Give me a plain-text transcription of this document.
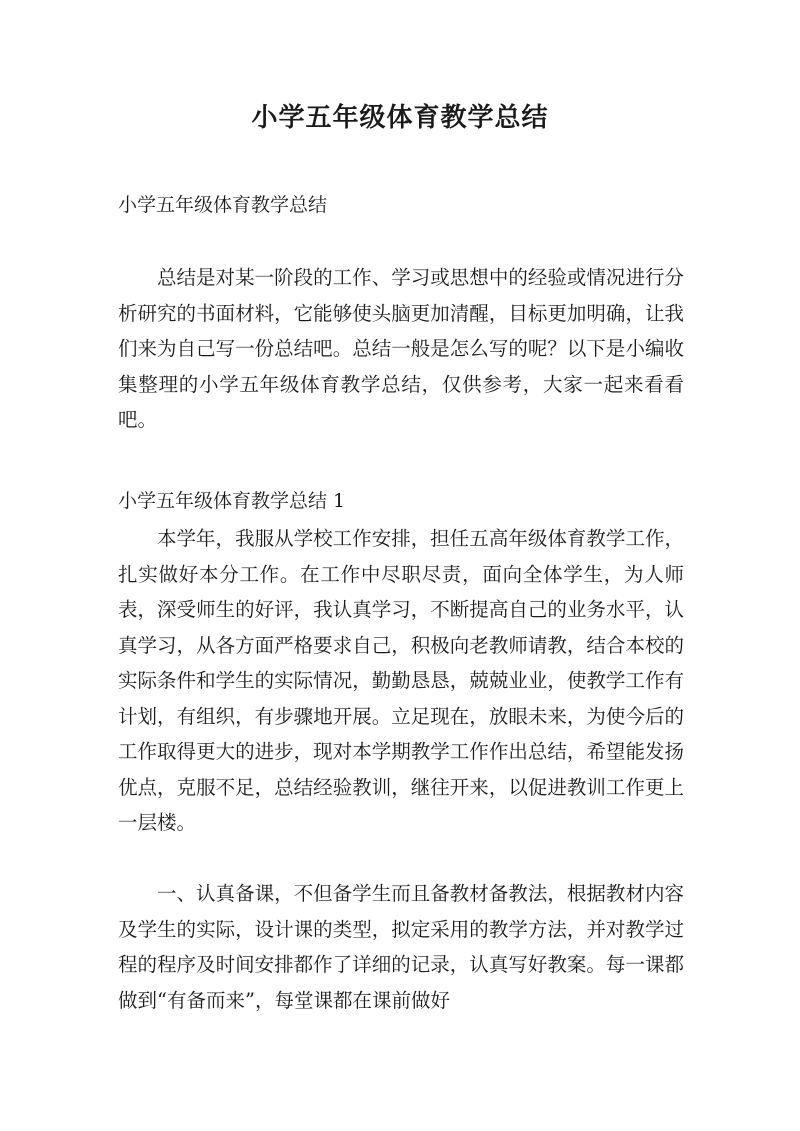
小学五年级体育教学总结

小学五年级体育教学总结

总结是对某一阶段的工作、学习或思想中的经验或情况进行分析研究的书面材料，它能够使头脑更加清醒，目标更加明确，让我们来为自己写一份总结吧。总结一般是怎么写的呢？以下是小编收集整理的小学五年级体育教学总结，仅供参考，大家一起来看看吧。

小学五年级体育教学总结 1

本学年，我服从学校工作安排，担任五高年级体育教学工作，扎实做好本分工作。在工作中尽职尽责，面向全体学生，为人师表，深受师生的好评，我认真学习，不断提高自己的业务水平，认真学习，从各方面严格要求自己，积极向老教师请教，结合本校的实际条件和学生的实际情况，勤勤恳恳，兢兢业业，使教学工作有计划，有组织，有步骤地开展。立足现在，放眼未来，为使今后的工作取得更大的进步，现对本学期教学工作作出总结，希望能发扬优点，克服不足，总结经验教训，继往开来，以促进教训工作更上一层楼。

一、认真备课，不但备学生而且备教材备教法，根据教材内容及学生的实际，设计课的类型，拟定采用的教学方法，并对教学过程的程序及时间安排都作了详细的记录，认真写好教案。每一课都做到“有备而来”，每堂课都在课前做好
